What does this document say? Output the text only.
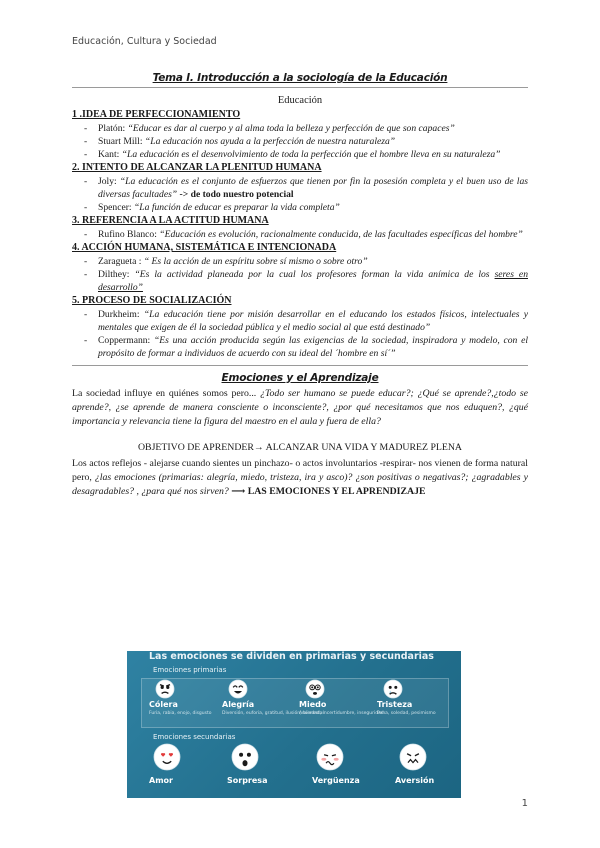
Educación, Cultura y Sociedad
Tema I. Introducción a la sociología de la Educación
Educación
1 .IDEA DE PERFECCIONAMIENTO
- Platón: “Educar es dar al cuerpo y al alma toda la belleza y perfección de que son capaces”
- Stuart Mill: “La educación nos ayuda a la perfección de nuestra naturaleza”
- Kant: “La educación es el desenvolvimiento de toda la perfección que el hombre lleva en su naturaleza”
2. INTENTO DE ALCANZAR LA PLENITUD HUMANA
- Joly: “La educación es el conjunto de esfuerzos que tienen por fin la posesión completa y el buen uso de las diversas facultades” -> de todo nuestro potencial
- Spencer: “La función de educar es preparar la vida completa”
3. REFERENCIA A LA ACTITUD HUMANA
- Rufino Blanco: “Educación es evolución, racionalmente conducida, de las facultades específicas del hombre”
4. ACCIÓN HUMANA, SISTEMÁTICA E INTENCIONADA
- Zaragueta : “ Es la acción de un espíritu sobre sí mismo o sobre otro”
- Dilthey: “Es la actividad planeada por la cual los profesores forman la vida anímica de los seres en desarrollo”
5. PROCESO DE SOCIALIZACIÓN
- Durkheim: “La educación tiene por misión desarrollar en el educando los estados físicos, intelectuales y mentales que exigen de él la sociedad pública y el medio social al que está destinado”
- Coppermann: “Es una acción producida según las exigencias de la sociedad, inspiradora y modelo, con el propósito de formar a individuos de acuerdo con su ideal del ´hombre en sí´”
Emociones y el Aprendizaje

La sociedad influye en quiénes somos pero... ¿Todo ser humano se puede educar?; ¿Qué se aprende?,¿todo se aprende?, ¿se aprende de manera consciente o inconsciente?, ¿por qué necesitamos que nos eduquen?, ¿qué importancia y relevancia tiene la figura del maestro en el aula y fuera de ella?

OBJETIVO DE APRENDER→ ALCANZAR UNA VIDA Y MADUREZ PLENA

Los actos reflejos - alejarse cuando sientes un pinchazo- o actos involuntarios -respirar- nos vienen de forma natural pero, ¿las emociones (primarias: alegría, miedo, tristeza, ira y asco)? ¿son positivas o negativas?; ¿agradables y desagradables? , ¿para qué nos sirven? ⟶ LAS EMOCIONES Y EL APRENDIZAJE

Las emociones se dividen en primarias y secundarias
Emociones primarias
Emociones secundarias
Cólera
Furia, rabia, enojo, disgusto
Alegría
Diversión, euforia, gratitud, ilusión, bienestar
Miedo
Ansiedad, incertidumbre, inseguridad
Tristeza
Pena, soledad, pesimismo
Amor	Sorpresa	Vergüenza	Aversión
1
